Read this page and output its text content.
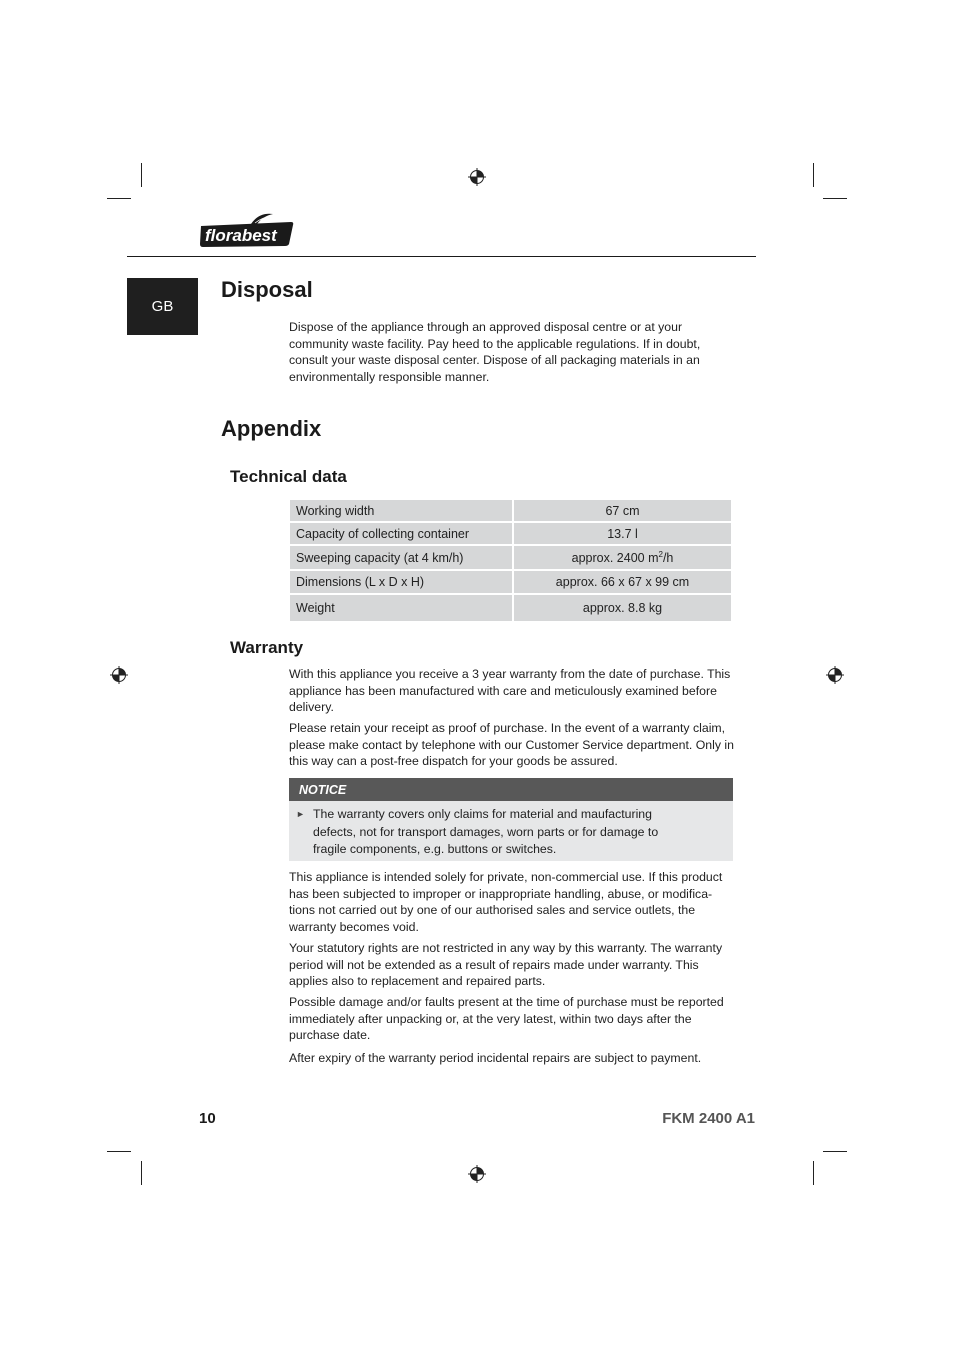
florabest
GB
Disposal

Dispose of the appliance through an approved disposal centre or at your community waste facility. Pay heed to the applicable regulations. If in doubt, consult your waste disposal center. Dispose of all packaging materials in an environmentally responsible manner.

Appendix
Technical data
Working width	67 cm
Capacity of collecting container	13.7 l
Sweeping capacity (at 4 km/h)	approx. 2400 $m^2/h$
Dimensions (L x D x H)	approx. 66 x 67 x 99 cm
Weight	approx. 8.8 kg
Warranty

With this appliance you receive a 3 year warranty from the date of purchase. This appliance has been manufactured with care and meticulously examined before delivery.

Please retain your receipt as proof of purchase. In the event of a warranty claim, please make contact by telephone with our Customer Service department. Only in this way can a post-free dispatch for your goods be assured.

NOTICE
► The warranty covers only claims for material and maufacturing defects, not for transport damages, worn parts or for damage to fragile components, e.g. buttons or switches.

This appliance is intended solely for private, non-commercial use. If this product has been subjected to improper or inappropriate handling, abuse, or modifica-tions not carried out by one of our authorised sales and service outlets, the warranty becomes void.

Your statutory rights are not restricted in any way by this warranty. The warranty period will not be extended as a result of repairs made under warranty. This applies also to replacement and repaired parts.

Possible damage and/or faults present at the time of purchase must be reported immediately after unpacking or, at the very latest, within two days after the purchase date.

After expiry of the warranty period incidental repairs are subject to payment.

10	FKM 2400 A1
